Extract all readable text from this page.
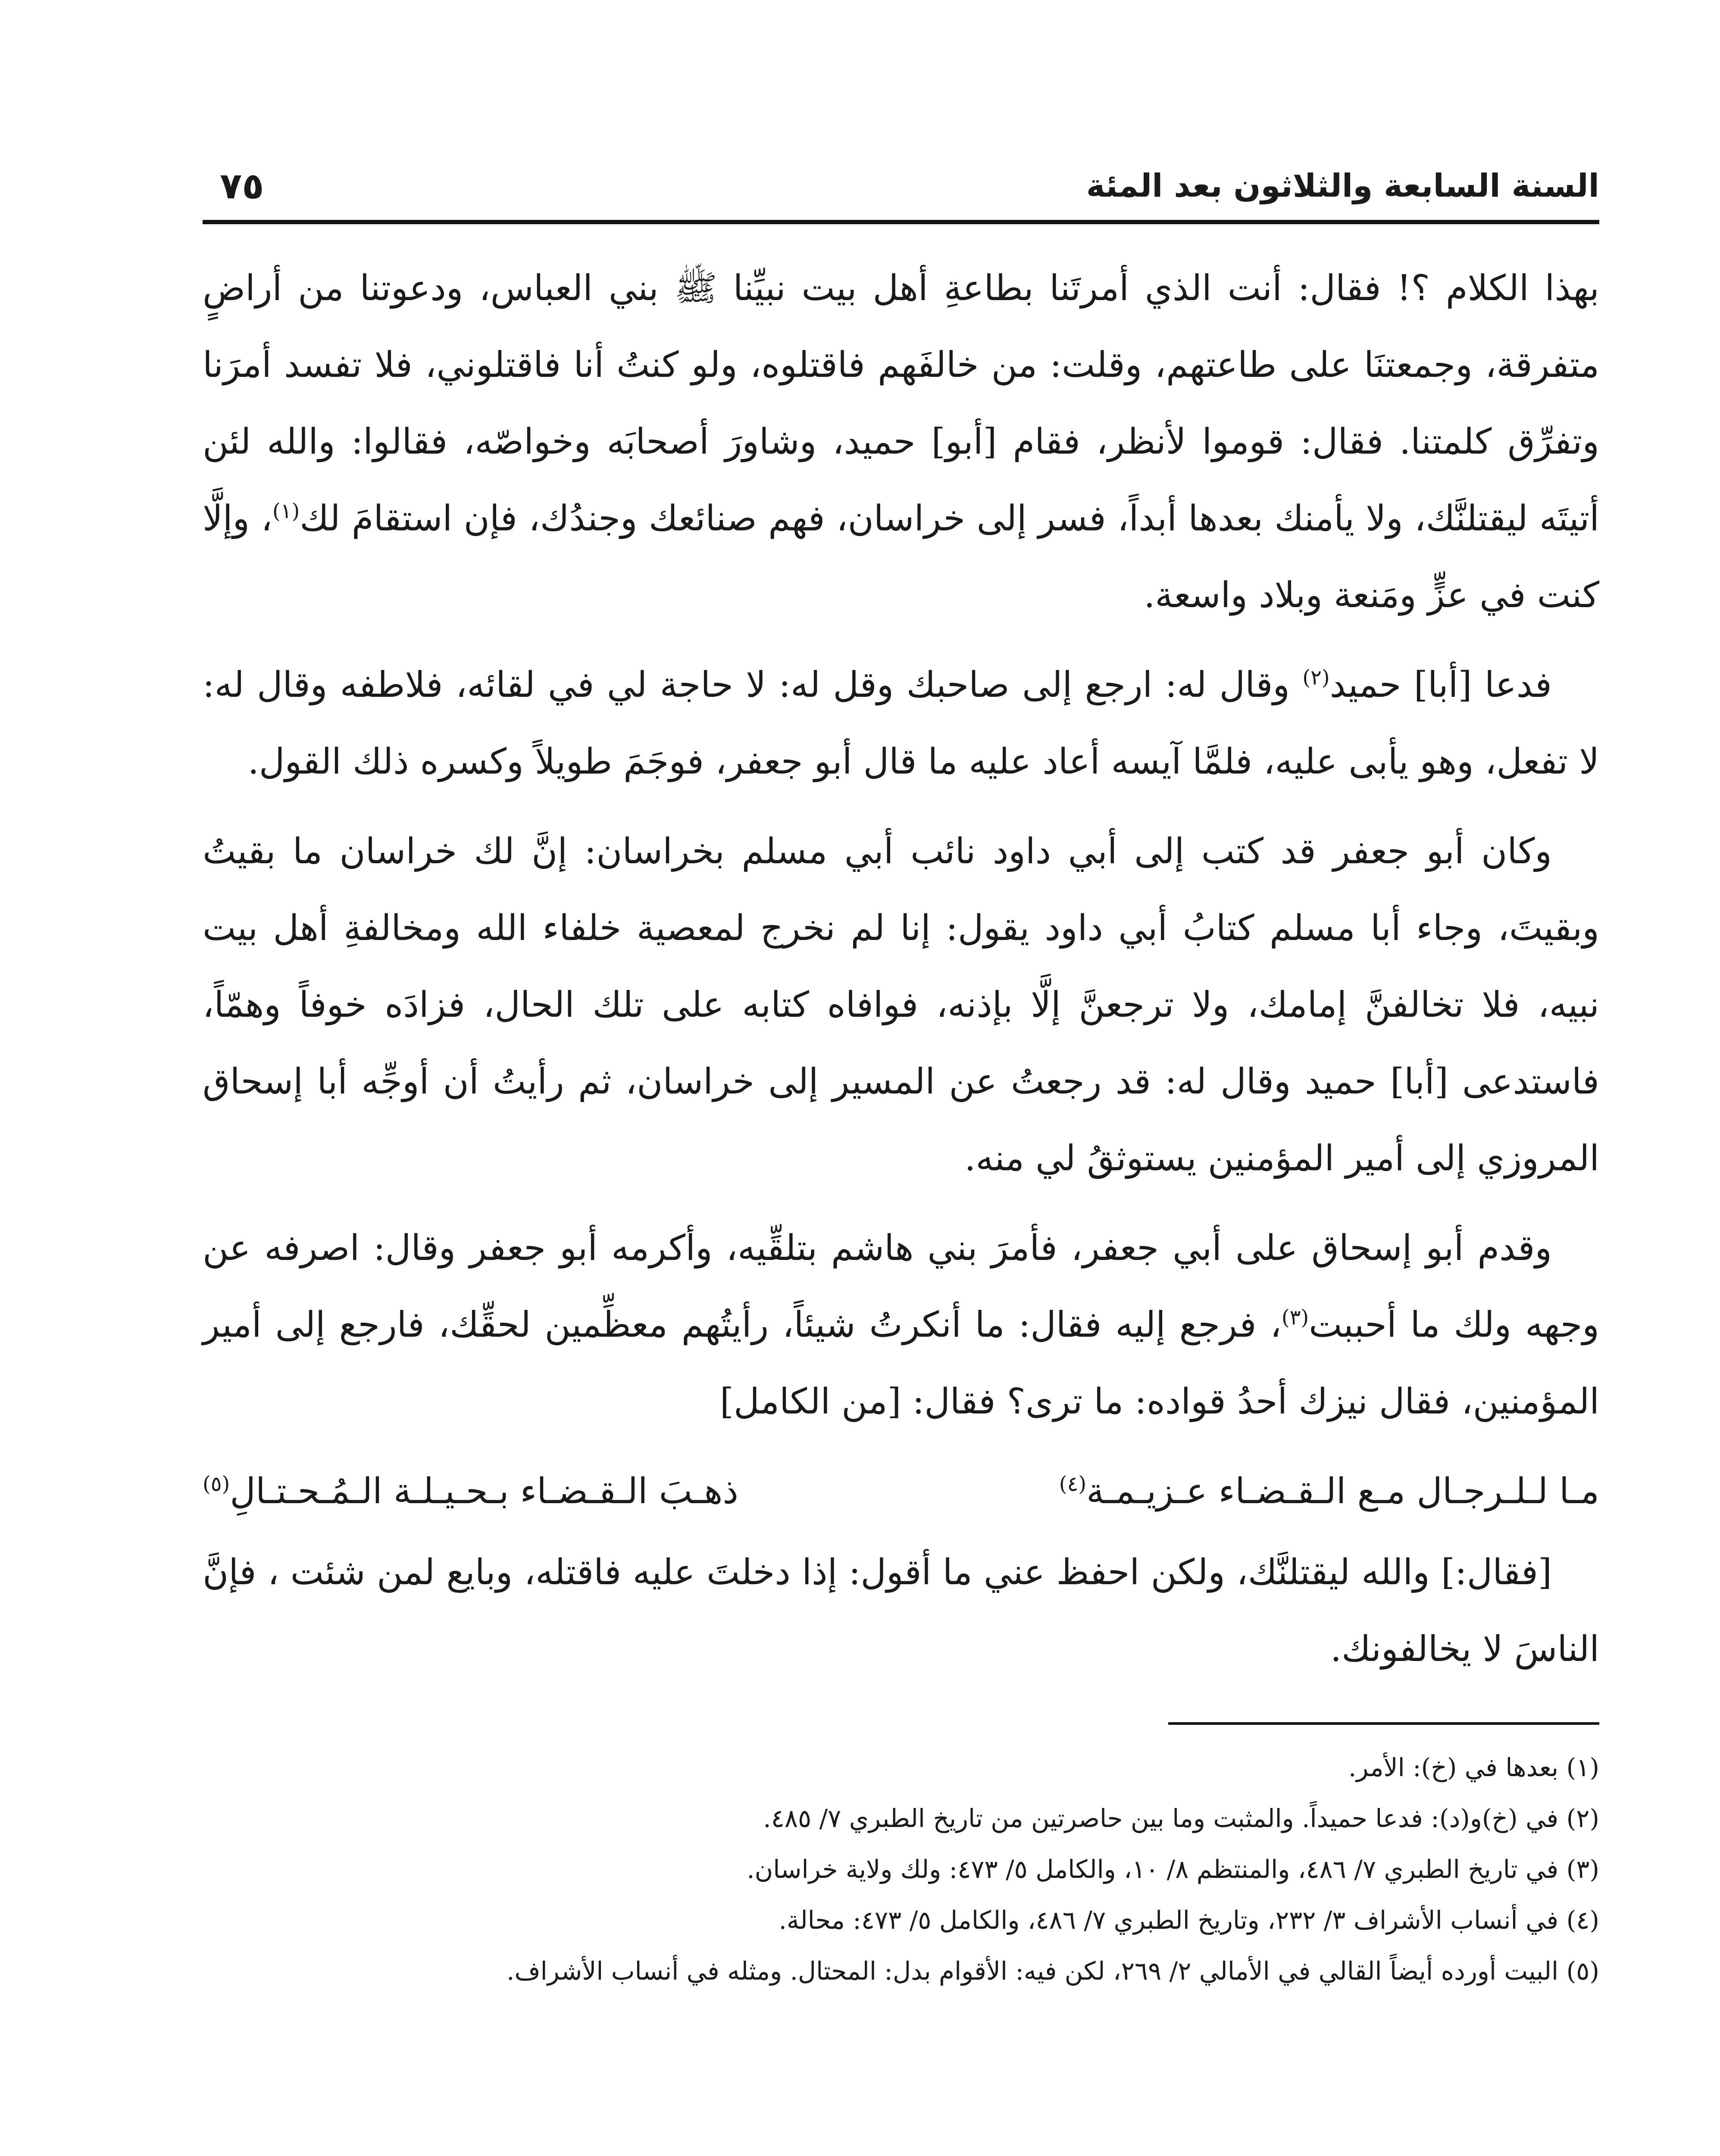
السنة السابعة والثلاثون بعد المئة
٧٥

بهذا الكلام ؟! فقال: أنت الذي أمرتَنا بطاعةِ أهل بيت نبيِّنا ﷺ بني العباس، ودعوتنا من أراضٍ متفرقة، وجمعتنَا على طاعتهم، وقلت: من خالفَهم فاقتلوه، ولو كنتُ أنا فاقتلوني، فلا تفسد أمرَنا وتفرِّق كلمتنا. فقال: قوموا لأنظر، فقام [أبو] حميد، وشاورَ أصحابَه وخواصّه، فقالوا: والله لئن أتيتَه ليقتلنَّك، ولا يأمنك بعدها أبداً، فسر إلى خراسان، فهم صنائعك وجندُك، فإن استقامَ لك$^{(١)}$، وإلَّا كنت في عزٍّ ومَنعة وبلاد واسعة.

فدعا [أبا] حميد$^{(٢)}$ وقال له: ارجع إلى صاحبك وقل له: لا حاجة لي في لقائه، فلاطفه وقال له: لا تفعل، وهو يأبى عليه، فلمَّا آيسه أعاد عليه ما قال أبو جعفر، فوجَمَ طويلاً وكسره ذلك القول.

وكان أبو جعفر قد كتب إلى أبي داود نائب أبي مسلم بخراسان: إنَّ لك خراسان ما بقيتُ وبقيتَ، وجاء أبا مسلم كتابُ أبي داود يقول: إنا لم نخرج لمعصية خلفاء الله ومخالفةِ أهل بيت نبيه، فلا تخالفنَّ إمامك، ولا ترجعنَّ إلَّا بإذنه، فوافاه كتابه على تلك الحال، فزادَه خوفاً وهمّاً، فاستدعى [أبا] حميد وقال له: قد رجعتُ عن المسير إلى خراسان، ثم رأيتُ أن أوجِّه أبا إسحاق المروزي إلى أمير المؤمنين يستوثقُ لي منه.

وقدم أبو إسحاق على أبي جعفر، فأمرَ بني هاشم بتلقِّيه، وأكرمه أبو جعفر وقال: اصرفه عن وجهه ولك ما أحببت$^{(٣)}$، فرجع إليه فقال: ما أنكرتُ شيئاً، رأيتُهم معظِّمين لحقِّك، فارجع إلى أمير المؤمنين، فقال نيزك أحدُ قواده: ما ترى؟ فقال: [من الكامل]

مـا لـلـرجـال مـع الـقـضـاء عـزيـمـة$^{(٤)}$
ذهـبَ الـقـضـاء بـحـيـلـة الـمُـحـتـالِ$^{(٥)}$

[فقال:] والله ليقتلنَّك، ولكن احفظ عني ما أقول: إذا دخلتَ عليه فاقتله، وبايع لمن شئت ، فإنَّ الناسَ لا يخالفونك.

(١) بعدها في (خ): الأمر.
(٢) في (خ)و(د): فدعا حميداً. والمثبت وما بين حاصرتين من تاريخ الطبري ٧/ ٤٨٥.
(٣) في تاريخ الطبري ٧/ ٤٨٦، والمنتظم ٨/ ١٠، والكامل ٥/ ٤٧٣: ولك ولاية خراسان.
(٤) في أنساب الأشراف ٣/ ٢٣٢، وتاريخ الطبري ٧/ ٤٨٦، والكامل ٥/ ٤٧٣: محالة.
(٥) البيت أورده أيضاً القالي في الأمالي ٢/ ٢٦٩، لكن فيه: الأقوام بدل: المحتال. ومثله في أنساب الأشراف.
